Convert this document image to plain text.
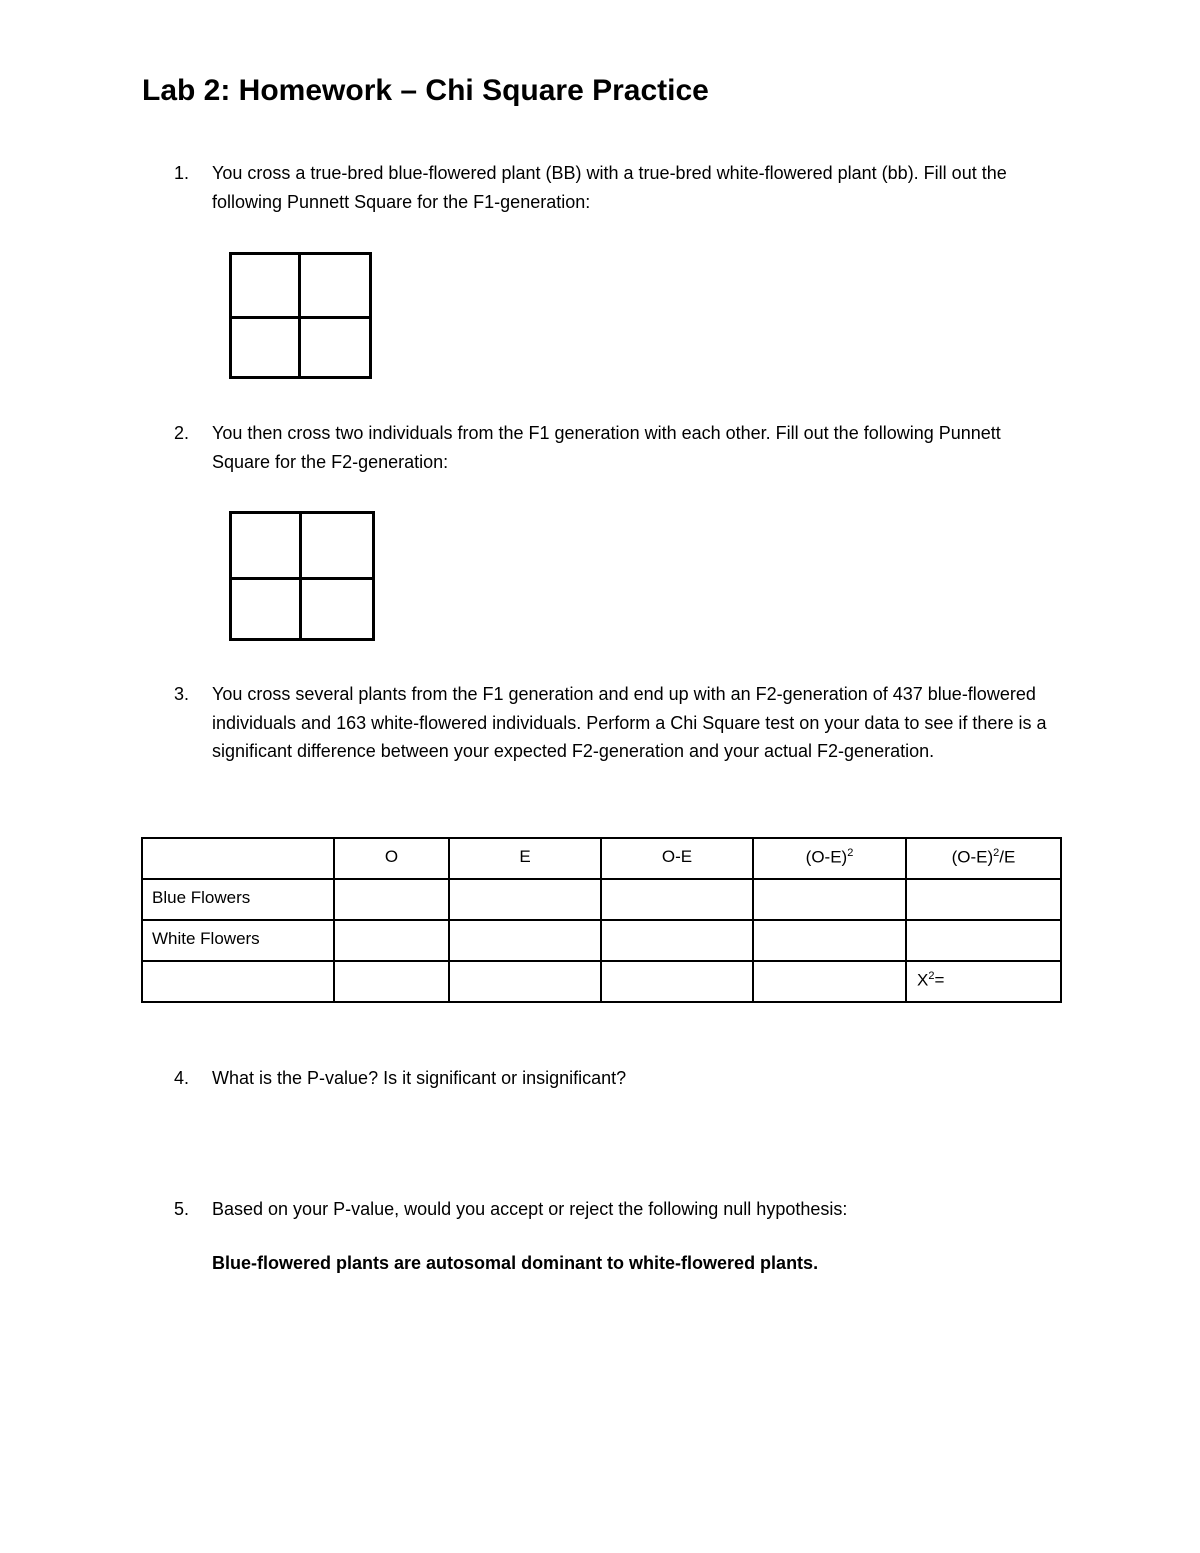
Lab 2: Homework – Chi Square Practice
1.	You cross a true-bred blue-flowered plant (BB) with a true-bred white-flowered plant (bb). Fill out the following Punnett Square for the F1-generation:
2.	You then cross two individuals from the F1 generation with each other. Fill out the following Punnett Square for the F2-generation:
3.	You cross several plants from the F1 generation and end up with an F2-generation of 437 blue-flowered individuals and 163 white-flowered individuals. Perform a Chi Square test on your data to see if there is a significant difference between your expected F2-generation and your actual F2-generation.
	O	E	O-E	$(O-E)^2$	$(O-E)^2/E$
Blue Flowers					
White Flowers					
					$X^2=$
4.	What is the P-value? Is it significant or insignificant?
5.	Based on your P-value, would you accept or reject the following null hypothesis:

Blue-flowered plants are autosomal dominant to white-flowered plants.
